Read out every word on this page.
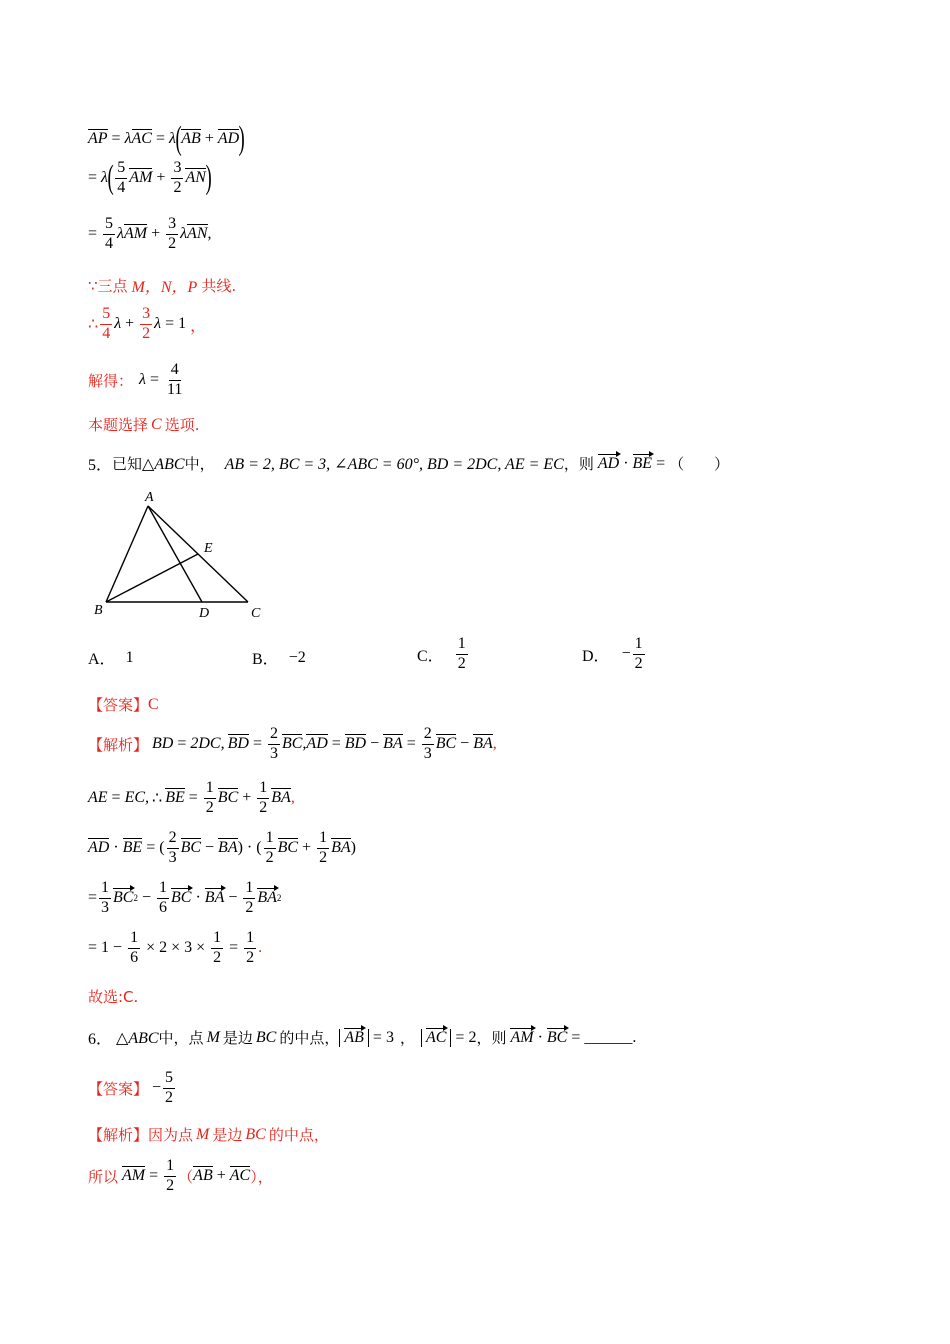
AP = λ AC = λ ( AB + AD )
= λ ( $\frac{5}{4}$ AM + $\frac{3}{2}$ AN )
= $\frac{5}{4}$ λ AM + $\frac{3}{2}$ λ AN ,
∵三点 M，N，P 共线.
∴ $\frac{5}{4}$ $\lambda + \frac{3}{2}$ λ = 1 ，
解得： $\lambda = \frac{4}{11}$
本题选择 C 选项.
5． 已知 △ABC 中， AB = 2, BC = 3, ∠ABC = 60°, BD = 2DC, AE = EC ，则 AD · BE = （　　）
A
B	C
D
E
A． 1	B． −2	C． $\frac{1}{2}$	D． − $\frac{1}{2}$
【答案】 C
【解析】 BD = 2DC, BD = $\frac{2}{3}$ BC , AD = BD − BA = $\frac{2}{3}$ BC − BA ,
AE = EC, ∴ BE = $\frac{1}{2}$ BC + $\frac{1}{2}$ BA ,
AD · BE = ( $\frac{2}{3}$ BC − BA ) · ( $\frac{1}{2}$ BC + $\frac{1}{2}$ BA )
= $\frac{1}{3}$ BC $2 - \frac{1}{6}$ BC · BA − $\frac{1}{2}$ BA 2
= $1 - \frac{1}{6} \times 2 \times 3 \times \frac{1}{2} = \frac{1}{2}$ .
故选:C.
6． △ABC 中，点 M 是边 BC 的中点， AB = 3 ， AC = 2 ，则 AM · BC = ______.
【答案】 − $\frac{5}{2}$
【解析】 因为点 M 是边 BC 的中点，
所以 AM = $\frac{1}{2}$ （ AB + AC ），
